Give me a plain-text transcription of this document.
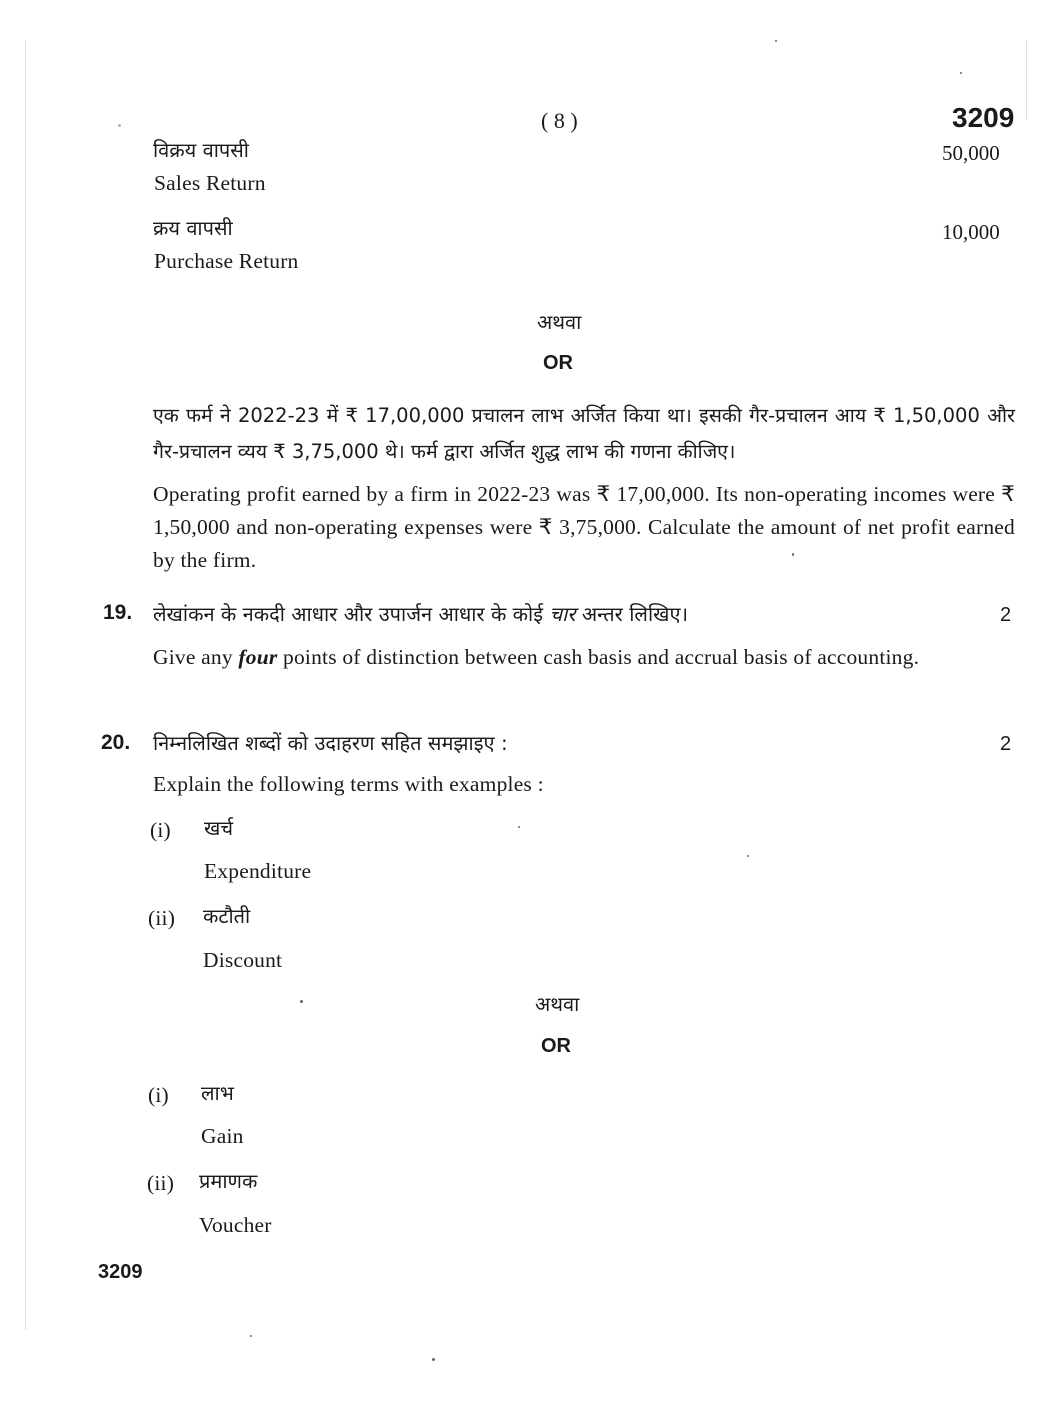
( 8 )	3209
विक्रय वापसी	50,000
Sales Return
क्रय वापसी	10,000
Purchase Return
अथवा
OR
एक फर्म ने 2022-23 में ₹ 17,00,000 प्रचालन लाभ अर्जित किया था। इसकी गैर-प्रचालन आय ₹ 1,50,000 और गैर-प्रचालन व्यय ₹ 3,75,000 थे। फर्म द्वारा अर्जित शुद्ध लाभ की गणना कीजिए।
Operating profit earned by a firm in 2022-23 was ₹ 17,00,000. Its non-operating incomes were ₹ 1,50,000 and non-operating expenses were ₹ 3,75,000. Calculate the amount of net profit earned by the firm.
19. लेखांकन के नकदी आधार और उपार्जन आधार के कोई चार अन्तर लिखिए।	2
Give any four points of distinction between cash basis and accrual basis of accounting.
20. निम्नलिखित शब्दों को उदाहरण सहित समझाइए :	2
Explain the following terms with examples :
(i) खर्च
Expenditure
(ii) कटौती
Discount
अथवा
OR
(i) लाभ
Gain
(ii) प्रमाणक
Voucher
3209
